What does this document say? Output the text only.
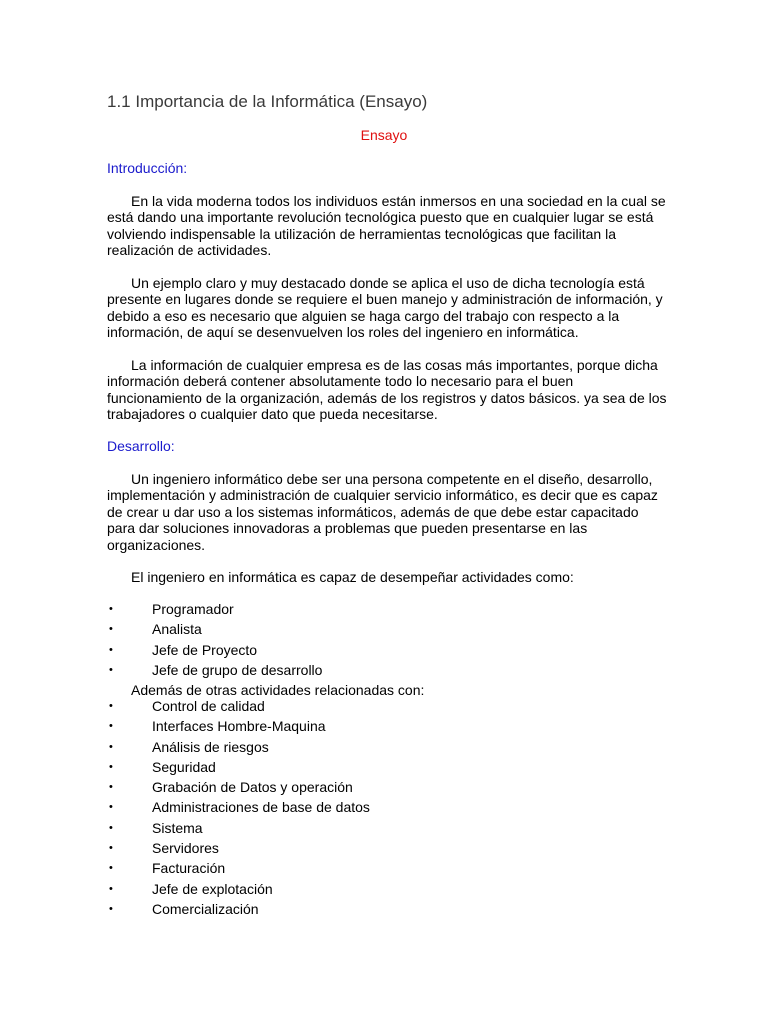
1.1 Importancia de la Informática (Ensayo)
Ensayo
Introducción:
En la vida moderna todos los individuos están inmersos en una sociedad en la cual se
está dando una importante revolución tecnológica puesto que en cualquier lugar se está
volviendo indispensable la utilización de herramientas tecnológicas que facilitan la
realización de actividades.
Un ejemplo claro y muy destacado donde se aplica el uso de dicha tecnología está
presente en lugares donde se requiere el buen manejo y administración de información, y
debido a eso es necesario que alguien se haga cargo del trabajo con respecto a la
información, de aquí se desenvuelven los roles del ingeniero en informática.
La información de cualquier empresa es de las cosas más importantes, porque dicha
información deberá contener absolutamente todo lo necesario para el buen
funcionamiento de la organización, además de los registros y datos básicos. ya sea de los
trabajadores o cualquier dato que pueda necesitarse.
Desarrollo:
Un ingeniero informático debe ser una persona competente en el diseño, desarrollo,
implementación y administración de cualquier servicio informático, es decir que es capaz
de crear u dar uso a los sistemas informáticos, además de que debe estar capacitado
para dar soluciones innovadoras a problemas que pueden presentarse en las
organizaciones.
El ingeniero en informática es capaz de desempeñar actividades como:
•	Programador
•	Analista
•	Jefe de Proyecto
•	Jefe de grupo de desarrollo
Además de otras actividades relacionadas con:
•	Control de calidad
•	Interfaces Hombre-Maquina
•	Análisis de riesgos
•	Seguridad
•	Grabación de Datos y operación
•	Administraciones de base de datos
•	Sistema
•	Servidores
•	Facturación
•	Jefe de explotación
•	Comercialización
